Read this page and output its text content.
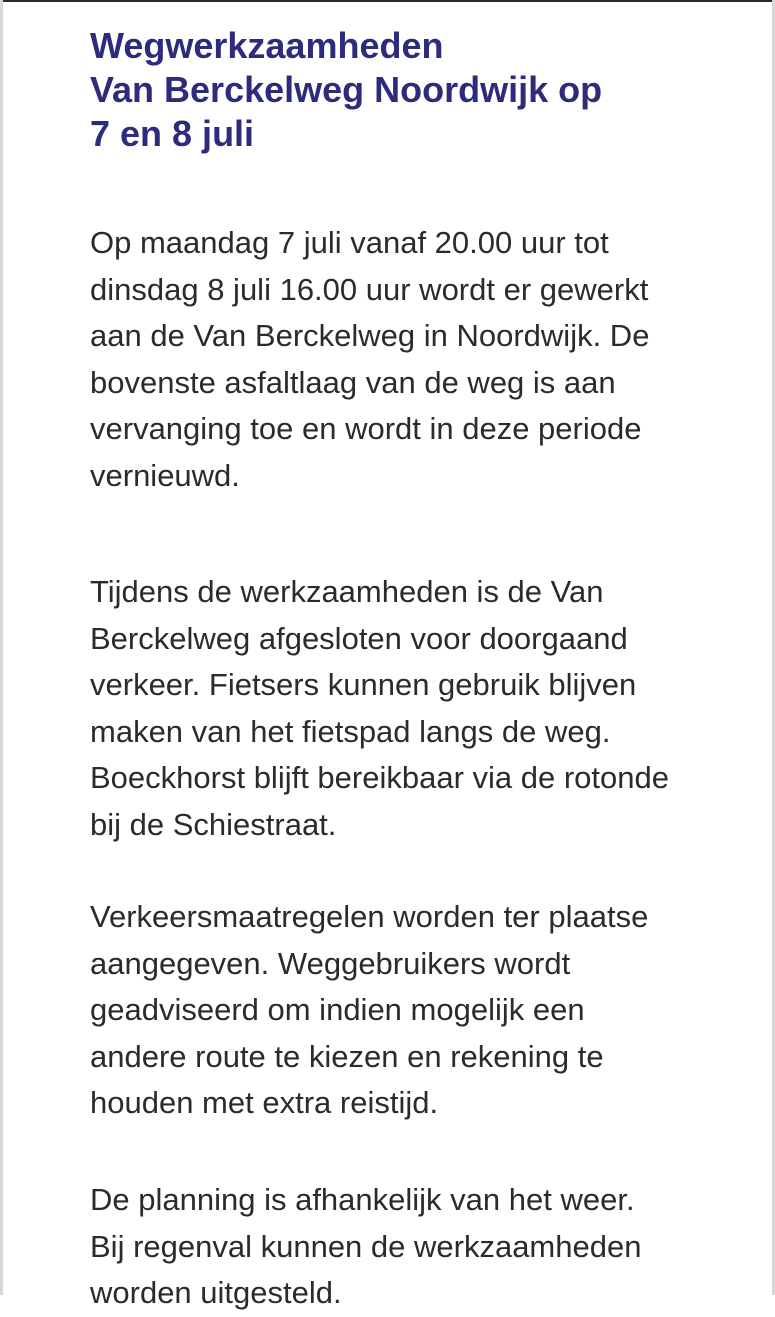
Wegwerkzaamheden
Van Berckelweg Noordwijk op
7 en 8 juli

Op maandag 7 juli vanaf 20.00 uur tot
dinsdag 8 juli 16.00 uur wordt er gewerkt
aan de Van Berckelweg in Noordwijk. De
bovenste asfaltlaag van de weg is aan
vervanging toe en wordt in deze periode
vernieuwd.

Tijdens de werkzaamheden is de Van
Berckelweg afgesloten voor doorgaand
verkeer. Fietsers kunnen gebruik blijven
maken van het fietspad langs de weg.
Boeckhorst blijft bereikbaar via de rotonde
bij de Schiestraat.

Verkeersmaatregelen worden ter plaatse
aangegeven. Weggebruikers wordt
geadviseerd om indien mogelijk een
andere route te kiezen en rekening te
houden met extra reistijd.

De planning is afhankelijk van het weer.
Bij regenval kunnen de werkzaamheden
worden uitgesteld.
